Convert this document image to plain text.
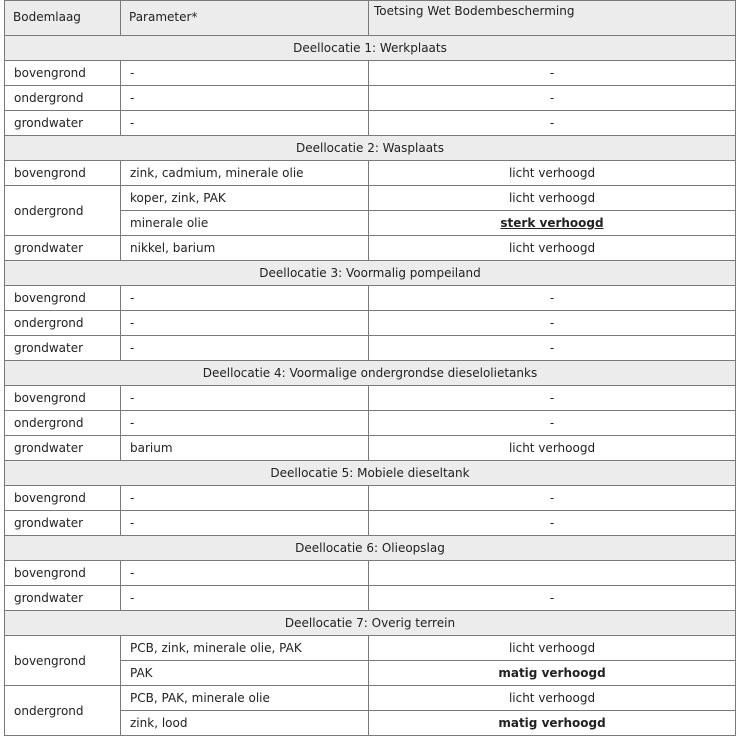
Bodemlaag	Parameter*	Toetsing Wet Bodembescherming
Deellocatie 1: Werkplaats		
bovengrond	-	-
ondergrond	-	-
grondwater	-	-
Deellocatie 2: Wasplaats		
bovengrond	zink, cadmium, minerale olie	licht verhoogd
ondergrond	koper, zink, PAK	licht verhoogd
	minerale olie	sterk verhoogd
grondwater	nikkel, barium	licht verhoogd
Deellocatie 3: Voormalig pompeiland		
bovengrond	-	-
ondergrond	-	-
grondwater	-	-
Deellocatie 4: Voormalige ondergrondse dieselolietanks		
bovengrond	-	-
ondergrond	-	-
grondwater	barium	licht verhoogd
Deellocatie 5: Mobiele dieseltank		
bovengrond	-	-
grondwater	-	-
Deellocatie 6: Olieopslag		
bovengrond	-	
grondwater	-	-
Deellocatie 7: Overig terrein		
bovengrond	PCB, zink, minerale olie, PAK	licht verhoogd
	PAK	matig verhoogd
ondergrond	PCB, PAK, minerale olie	licht verhoogd
	zink, lood	matig verhoogd
